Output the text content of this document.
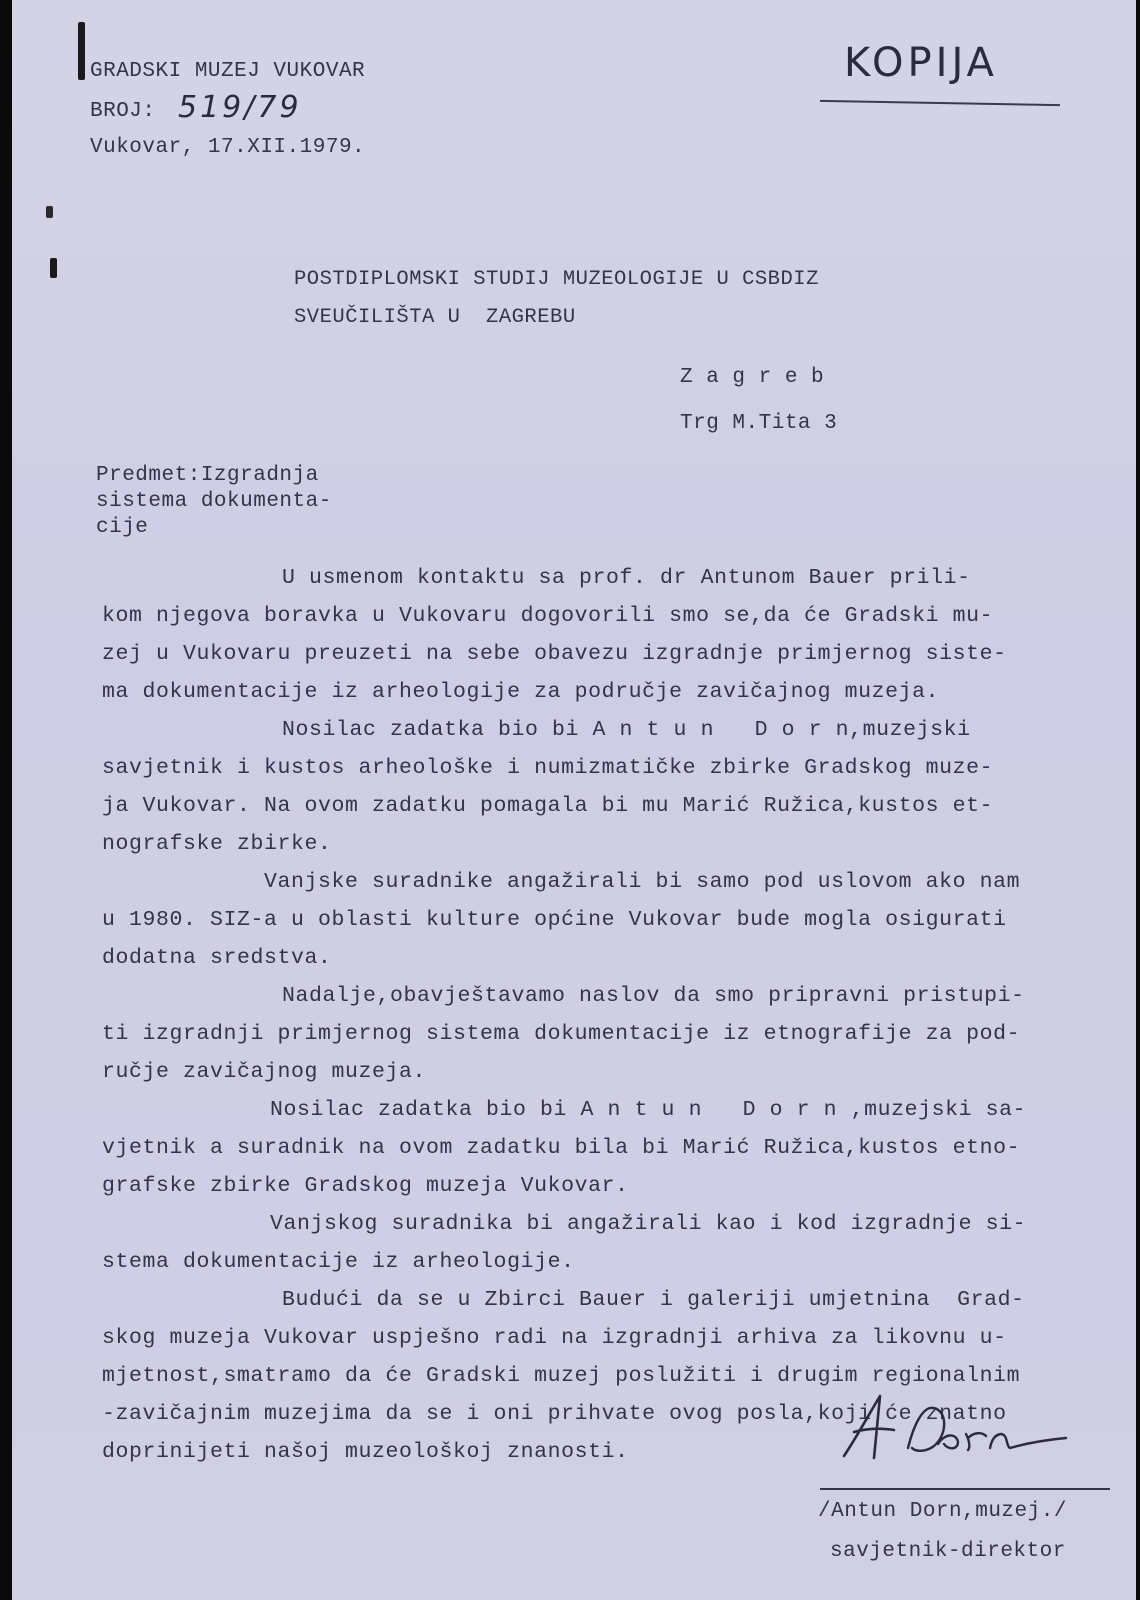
GRADSKI MUZEJ VUKOVAR
BROJ: 519/79
Vukovar, 17.XII.1979.
KOPIJA
POSTDIPLOMSKI STUDIJ MUZEOLOGIJE U CSBDIZ
SVEUČILIŠTA U  ZAGREBU
Z a g r e b
Trg M.Tita 3
Predmet:Izgradnja
sistema dokumenta-
cije
U usmenom kontaktu sa prof. dr Antunom Bauer prili-
kom njegova boravka u Vukovaru dogovorili smo se,da će Gradski mu-
zej u Vukovaru preuzeti na sebe obavezu izgradnje primjernog siste-
ma dokumentacije iz arheologije za područje zavičajnog muzeja.
Nosilac zadatka bio bi A n t u n   D o r n,muzejski
savjetnik i kustos arheološke i numizmatičke zbirke Gradskog muze-
ja Vukovar. Na ovom zadatku pomagala bi mu Marić Ružica,kustos et-
nografske zbirke.
Vanjske suradnike angažirali bi samo pod uslovom ako nam
u 1980. SIZ-a u oblasti kulture općine Vukovar bude mogla osigurati
dodatna sredstva.
Nadalje,obavještavamo naslov da smo pripravni pristupi-
ti izgradnji primjernog sistema dokumentacije iz etnografije za pod-
ručje zavičajnog muzeja.
Nosilac zadatka bio bi A n t u n   D o r n ,muzejski sa-
vjetnik a suradnik na ovom zadatku bila bi Marić Ružica,kustos etno-
grafske zbirke Gradskog muzeja Vukovar.
Vanjskog suradnika bi angažirali kao i kod izgradnje si-
stema dokumentacije iz arheologije.
Budući da se u Zbirci Bauer i galeriji umjetnina  Grad-
skog muzeja Vukovar uspješno radi na izgradnji arhiva za likovnu u-
mjetnost,smatramo da će Gradski muzej poslužiti i drugim regionalnim
-zavičajnim muzejima da se i oni prihvate ovog posla,koji će znatno
doprinijeti našoj muzeološkoj znanosti.
/Antun Dorn,muzej./
savjetnik-direktor
